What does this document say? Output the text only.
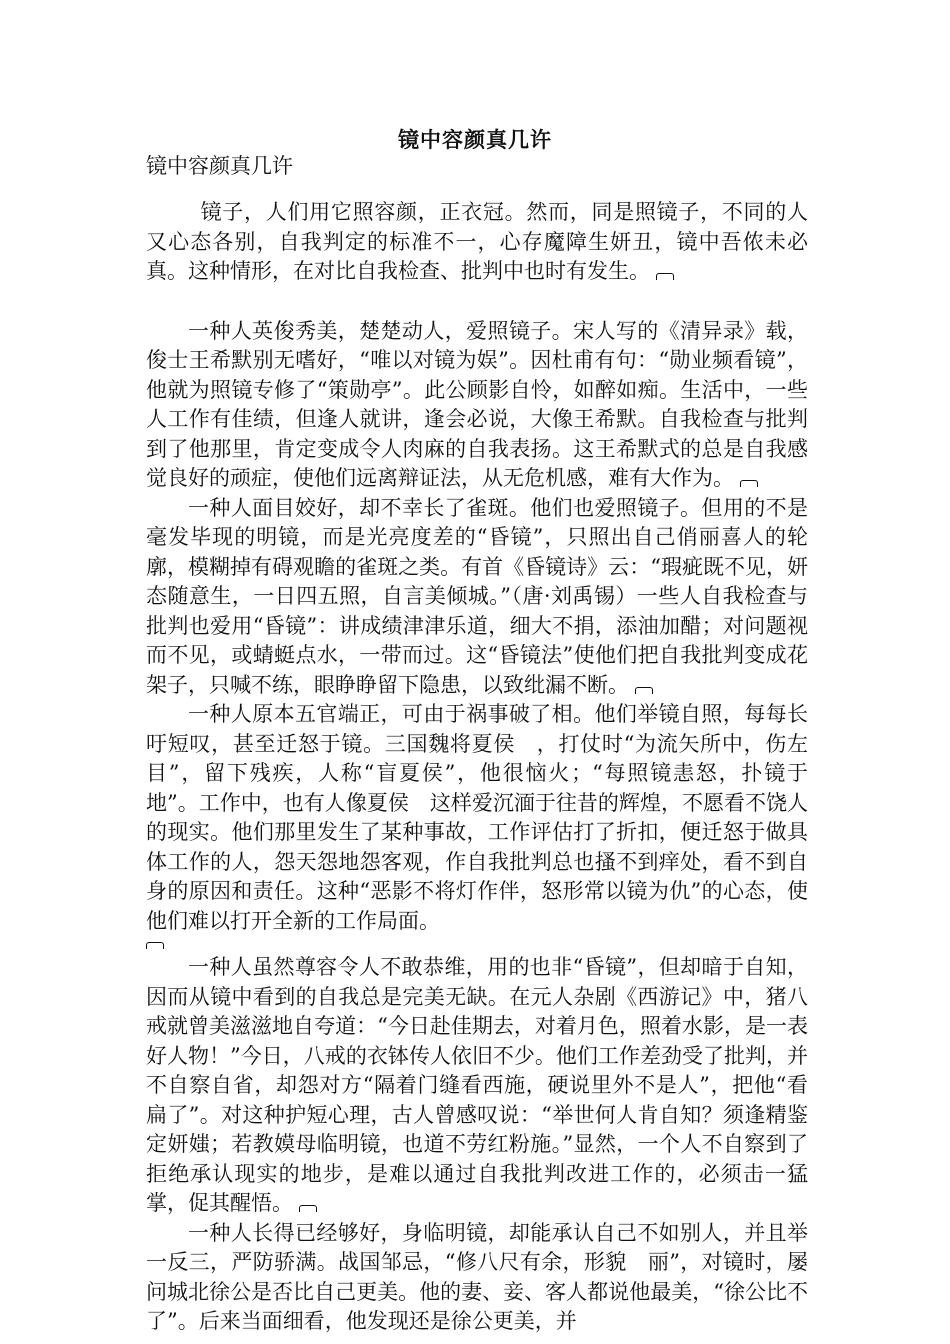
镜中容颜真几许
镜中容颜真几许

镜子，人们用它照容颜，正衣冠。然而，同是照镜子，不同的人又心态各别，自我判定的标准不一，心存魔障生妍丑，镜中吾侬未必真。这种情形，在对比自我检查、批判中也时有发生。

一种人英俊秀美，楚楚动人，爱照镜子。宋人写的《清异录》载，俊士王希默别无嗜好，“唯以对镜为娱”。因杜甫有句：“勋业频看镜”，他就为照镜专修了“策勋亭”。此公顾影自怜，如醉如痴。生活中，一些人工作有佳绩，但逢人就讲，逢会必说，大像王希默。自我检查与批判到了他那里，肯定变成令人肉麻的自我表扬。这王希默式的总是自我感觉良好的顽症，使他们远离辩证法，从无危机感，难有大作为。

一种人面目姣好，却不幸长了雀斑。他们也爱照镜子。但用的不是毫发毕现的明镜，而是光亮度差的“昏镜”，只照出自己俏丽喜人的轮廓，模糊掉有碍观瞻的雀斑之类。有首《昏镜诗》云：“瑕疵既不见，妍态随意生，一日四五照，自言美倾城。”（唐·刘禹锡）一些人自我检查与批判也爱用“昏镜”：讲成绩津津乐道，细大不捐，添油加醋；对问题视而不见，或蜻蜓点水，一带而过。这“昏镜法”使他们把自我批判变成花架子，只喊不练，眼睁睁留下隐患，以致纰漏不断。

一种人原本五官端正，可由于祸事破了相。他们举镜自照，每每长吁短叹，甚至迁怒于镜。三国魏将夏侯　，打仗时“为流矢所中，伤左目”，留下残疾，人称“盲夏侯”，他很恼火；“每照镜恚怒，扑镜于地”。工作中，也有人像夏侯　这样爱沉湎于往昔的辉煌，不愿看不饶人的现实。他们那里发生了某种事故，工作评估打了折扣，便迁怒于做具体工作的人，怨天怨地怨客观，作自我批判总也搔不到痒处，看不到自身的原因和责任。这种“恶影不将灯作伴，怒形常以镜为仇”的心态，使他们难以打开全新的工作局面。

一种人虽然尊容令人不敢恭维，用的也非“昏镜”，但却暗于自知，因而从镜中看到的自我总是完美无缺。在元人杂剧《西游记》中，猪八戒就曾美滋滋地自夸道：“今日赴佳期去，对着月色，照着水影，是一表好人物！”今日，八戒的衣钵传人依旧不少。他们工作差劲受了批判，并不自察自省，却怨对方“隔着门缝看西施，硬说里外不是人”，把他“看扁了”。对这种护短心理，古人曾感叹说：“举世何人肯自知？须逢精鉴定妍媸；若教嫫母临明镜，也道不劳红粉施。”显然，一个人不自察到了拒绝承认现实的地步，是难以通过自我批判改进工作的，必须击一猛掌，促其醒悟。

一种人长得已经够好，身临明镜，却能承认自己不如别人，并且举一反三，严防骄满。战国邹忌，“修八尺有余，形貌　丽”，对镜时，屡问城北徐公是否比自己更美。他的妻、妾、客人都说他最美，“徐公比不了”。后来当面细看，他发现还是徐公更美，并
